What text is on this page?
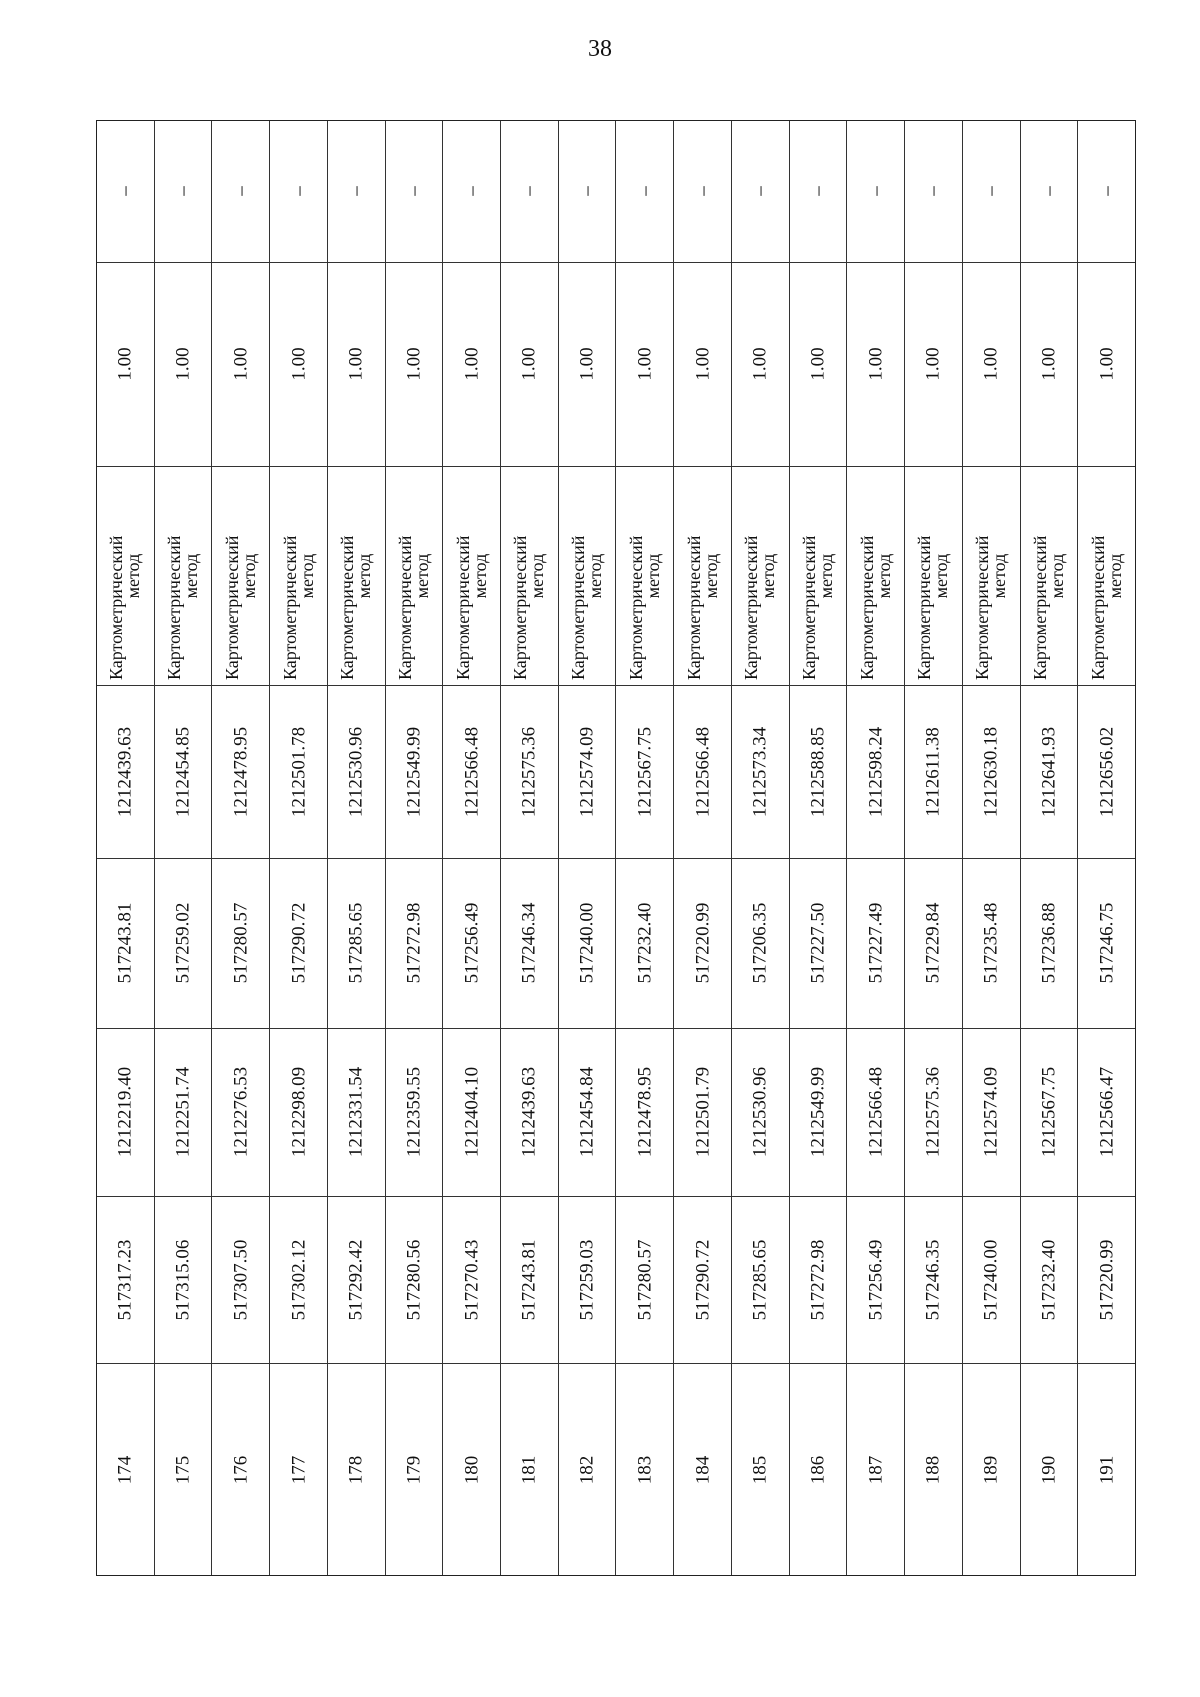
38
–
1.00
Картометрический
метод
1212439.63
517243.81
1212219.40
517317.23
174
–
1.00
Картометрический
метод
1212454.85
517259.02
1212251.74
517315.06
175
–
1.00
Картометрический
метод
1212478.95
517280.57
1212276.53
517307.50
176
–
1.00
Картометрический
метод
1212501.78
517290.72
1212298.09
517302.12
177
–
1.00
Картометрический
метод
1212530.96
517285.65
1212331.54
517292.42
178
–
1.00
Картометрический
метод
1212549.99
517272.98
1212359.55
517280.56
179
–
1.00
Картометрический
метод
1212566.48
517256.49
1212404.10
517270.43
180
–
1.00
Картометрический
метод
1212575.36
517246.34
1212439.63
517243.81
181
–
1.00
Картометрический
метод
1212574.09
517240.00
1212454.84
517259.03
182
–
1.00
Картометрический
метод
1212567.75
517232.40
1212478.95
517280.57
183
–
1.00
Картометрический
метод
1212566.48
517220.99
1212501.79
517290.72
184
–
1.00
Картометрический
метод
1212573.34
517206.35
1212530.96
517285.65
185
–
1.00
Картометрический
метод
1212588.85
517227.50
1212549.99
517272.98
186
–
1.00
Картометрический
метод
1212598.24
517227.49
1212566.48
517256.49
187
–
1.00
Картометрический
метод
1212611.38
517229.84
1212575.36
517246.35
188
–
1.00
Картометрический
метод
1212630.18
517235.48
1212574.09
517240.00
189
–
1.00
Картометрический
метод
1212641.93
517236.88
1212567.75
517232.40
190
–
1.00
Картометрический
метод
1212656.02
517246.75
1212566.47
517220.99
191
